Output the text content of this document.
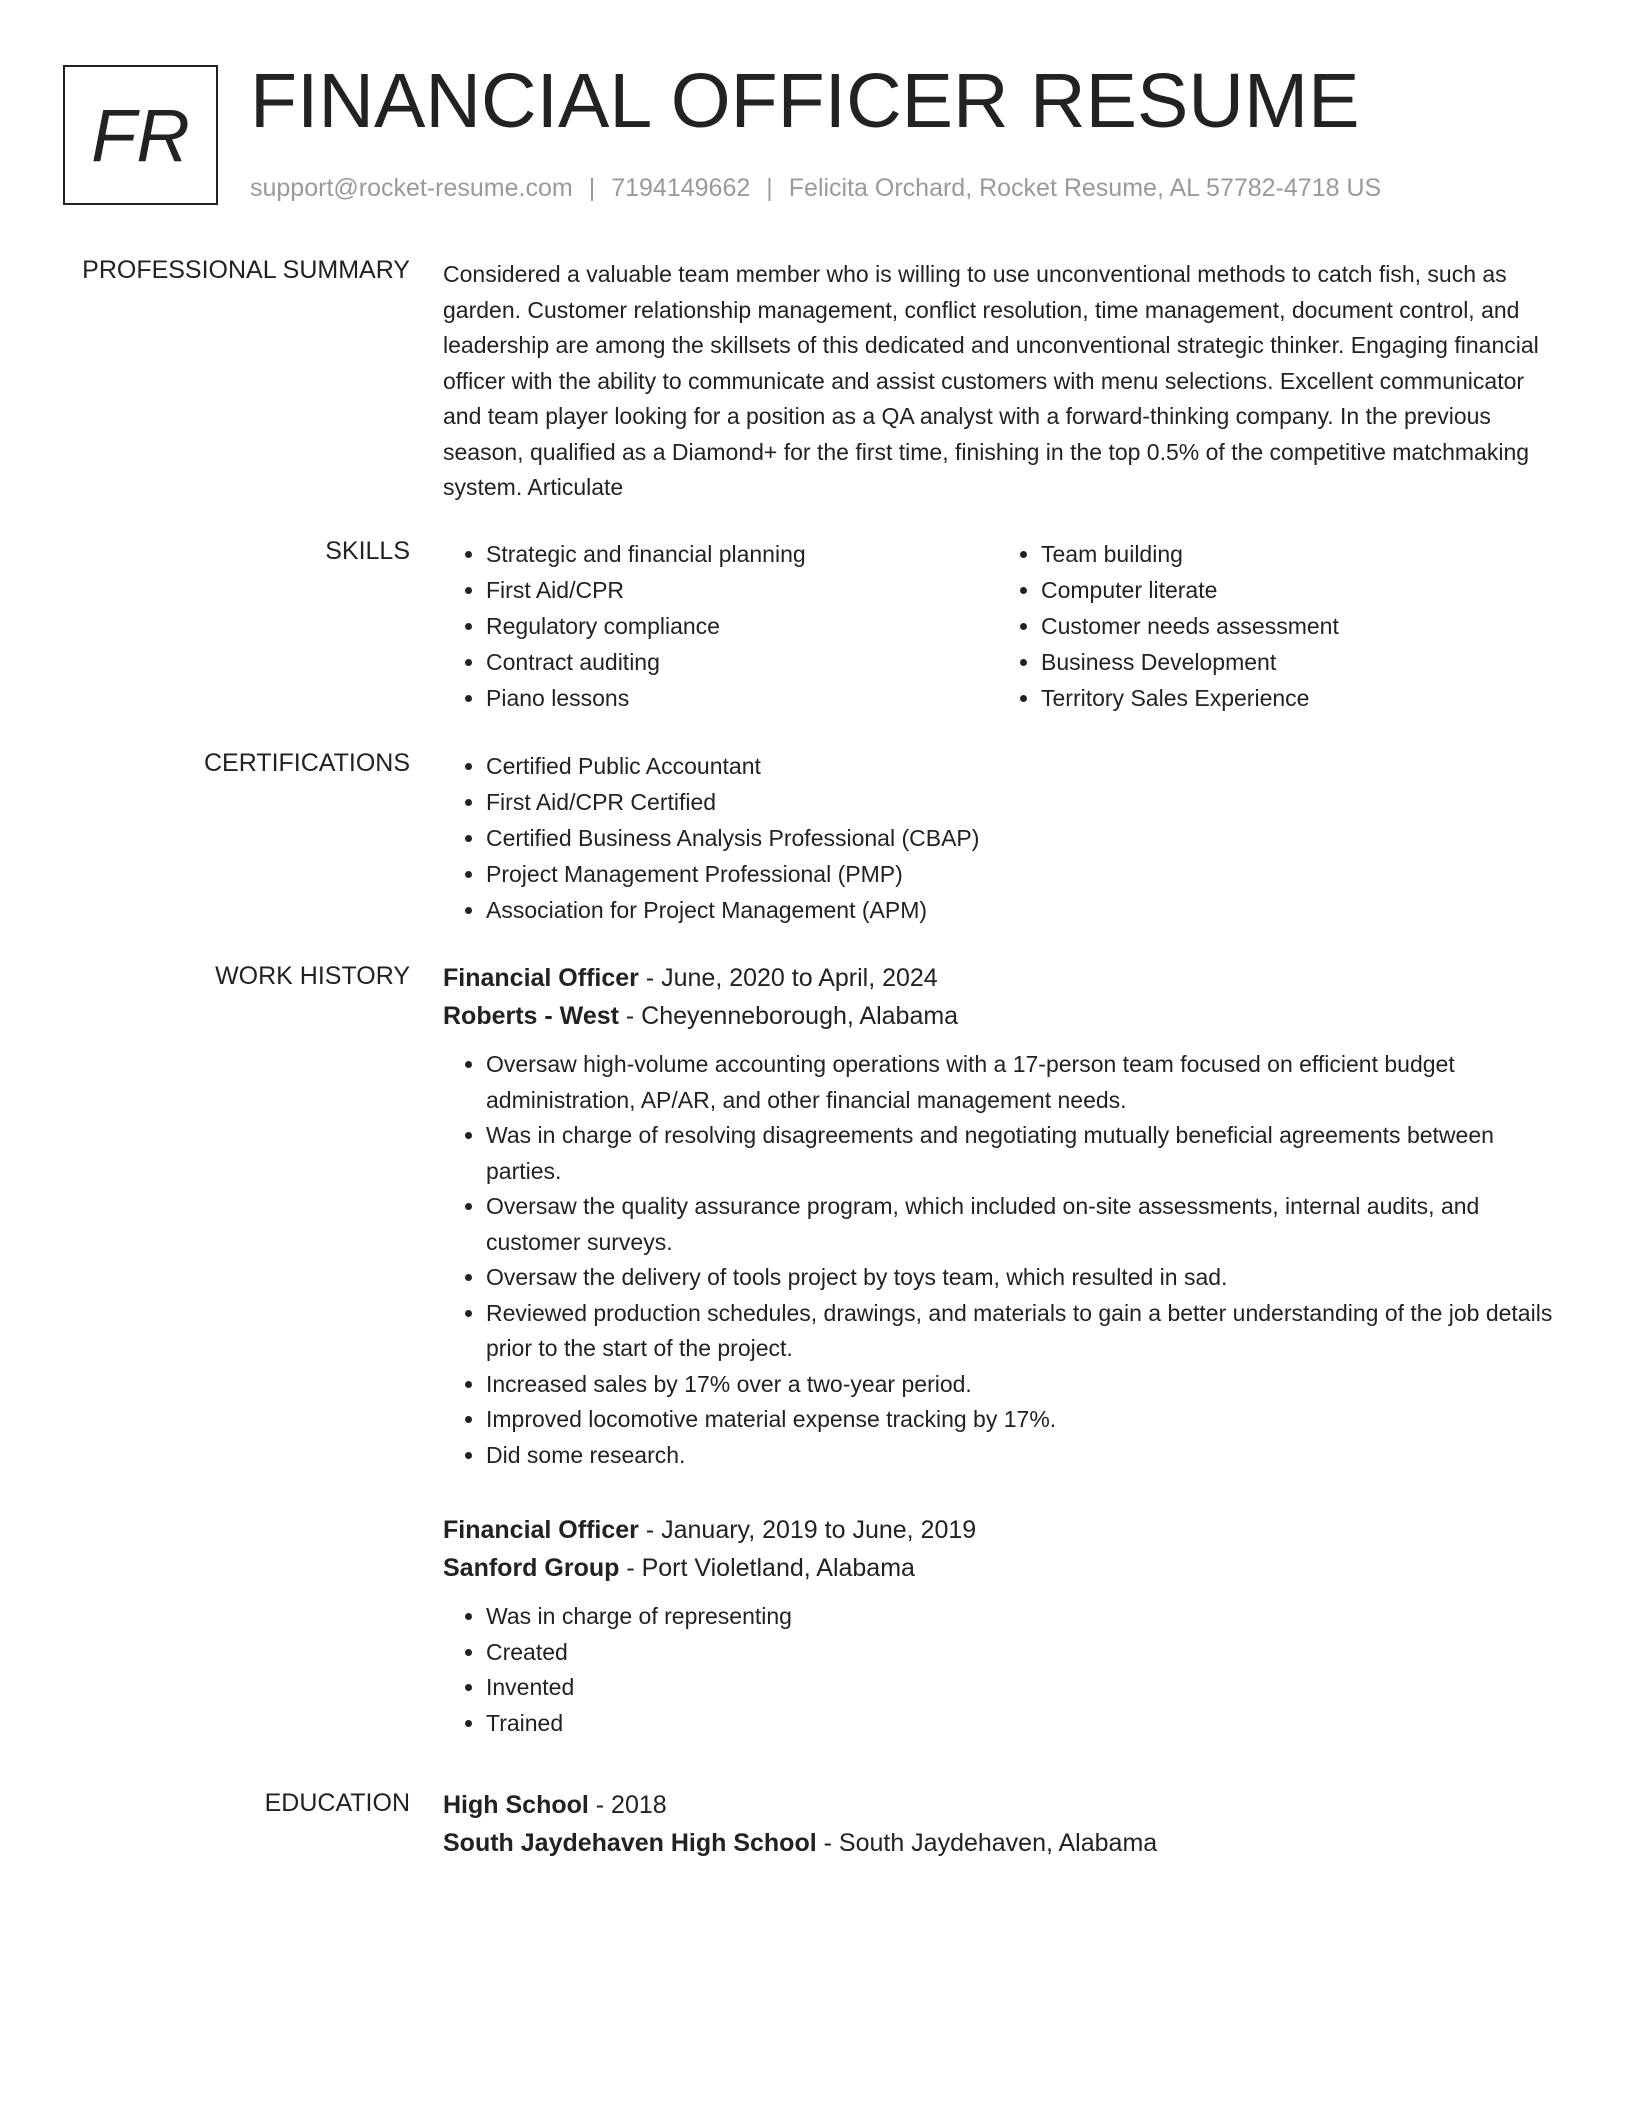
FR FINANCIAL OFFICER RESUME
support@rocket-resume.com | 7194149662 | Felicita Orchard, Rocket Resume, AL 57782-4718 US
PROFESSIONAL SUMMARY Considered a valuable team member who is willing to use unconventional methods to catch fish, such as garden. Customer relationship management, conflict resolution, time management, document control, and leadership are among the skillsets of this dedicated and unconventional strategic thinker. Engaging financial officer with the ability to communicate and assist customers with menu selections. Excellent communicator and team player looking for a position as a QA analyst with a forward-thinking company. In the previous season, qualified as a Diamond+ for the first time, finishing in the top 0.5% of the competitive matchmaking system. Articulate

SKILLS	• Strategic and financial planning
• First Aid/CPR
• Regulatory compliance
• Contract auditing
• Piano lessons
• Team building
• Computer literate
• Customer needs assessment
• Business Development
• Territory Sales Experience
CERTIFICATIONS	• Certified Public Accountant
• First Aid/CPR Certified
• Certified Business Analysis Professional (CBAP)
• Project Management Professional (PMP)
• Association for Project Management (APM)
WORK HISTORY Financial Officer - June, 2020 to April, 2024
Roberts - West - Cheyenneborough, Alabama
• Oversaw high-volume accounting operations with a 17-person team focused on efficient budget administration, AP/AR, and other financial management needs.
• Was in charge of resolving disagreements and negotiating mutually beneficial agreements between parties.
• Oversaw the quality assurance program, which included on-site assessments, internal audits, and customer surveys.
• Oversaw the delivery of tools project by toys team, which resulted in sad.
• Reviewed production schedules, drawings, and materials to gain a better understanding of the job details prior to the start of the project.
• Increased sales by 17% over a two-year period.
• Improved locomotive material expense tracking by 17%.
• Did some research.
Financial Officer - January, 2019 to June, 2019
Sanford Group - Port Violetland, Alabama
• Was in charge of representing
• Created
• Invented
• Trained
EDUCATION High School - 2018
South Jaydehaven High School - South Jaydehaven, Alabama
